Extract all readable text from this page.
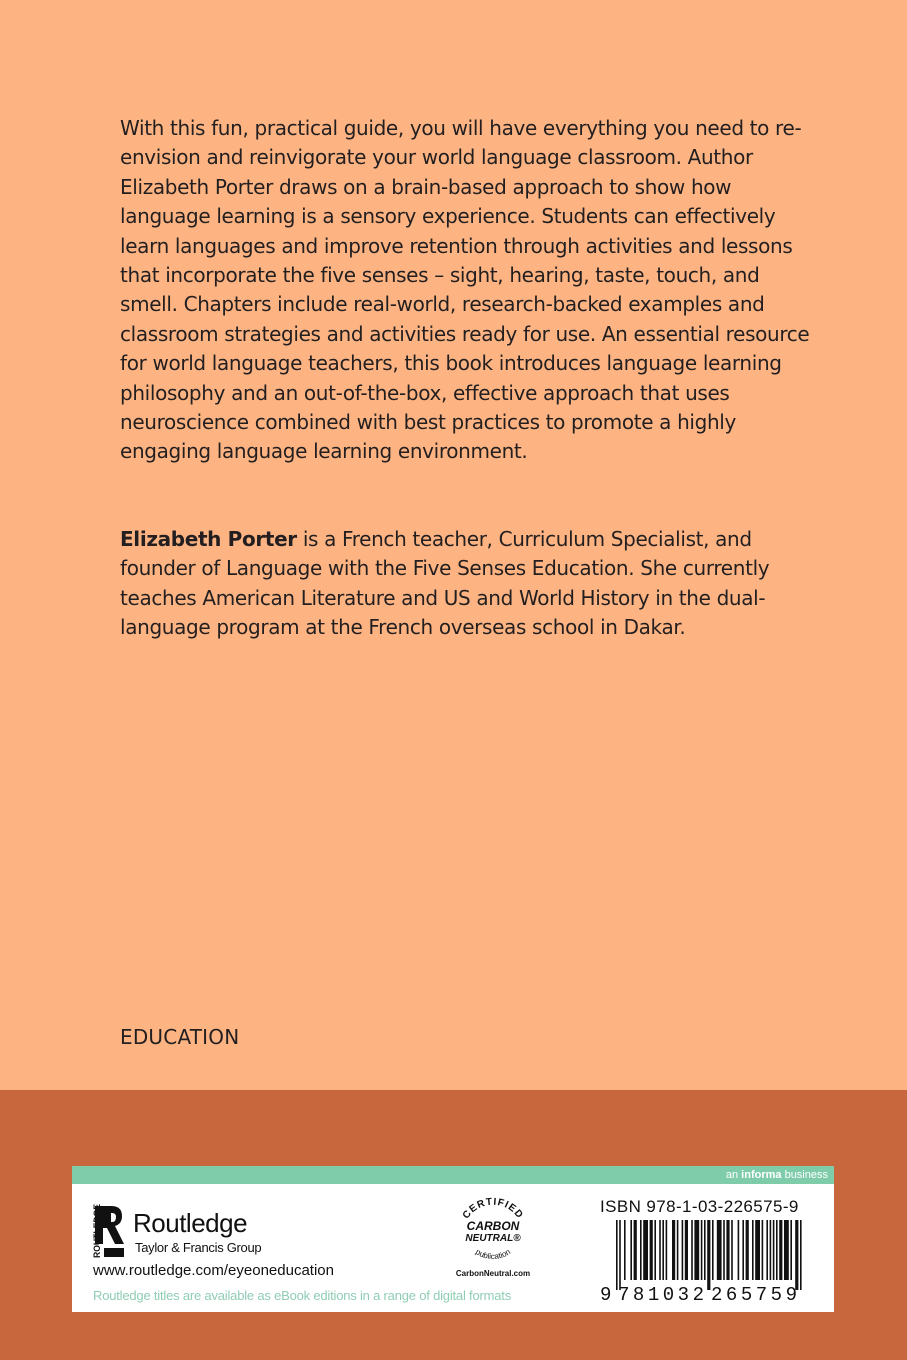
With this fun, practical guide, you will have everything you need to re-envision and reinvigorate your world language classroom. Author Elizabeth Porter draws on a brain-based approach to show how language learning is a sensory experience. Students can effectively learn languages and improve retention through activities and lessons that incorporate the five senses – sight, hearing, taste, touch, and smell. Chapters include real-world, research-backed examples and classroom strategies and activities ready for use. An essential resource for world language teachers, this book introduces language learning philosophy and an out-of-the-box, effective approach that uses neuroscience combined with best practices to promote a highly engaging language learning environment.

Elizabeth Porter is a French teacher, Curriculum Specialist, and founder of Language with the Five Senses Education. She currently teaches American Literature and US and World History in the dual-language program at the French overseas school in Dakar.

EDUCATION
an informa business
Routledge
Taylor & Francis Group
www.routledge.com/eyeoneducation
Routledge titles are available as eBook editions in a range of digital formats
CERTIFIED
CARBON
NEUTRAL®
publication
CarbonNeutral.com
ISBN 978-1-03-226575-9
9 781032 265759
